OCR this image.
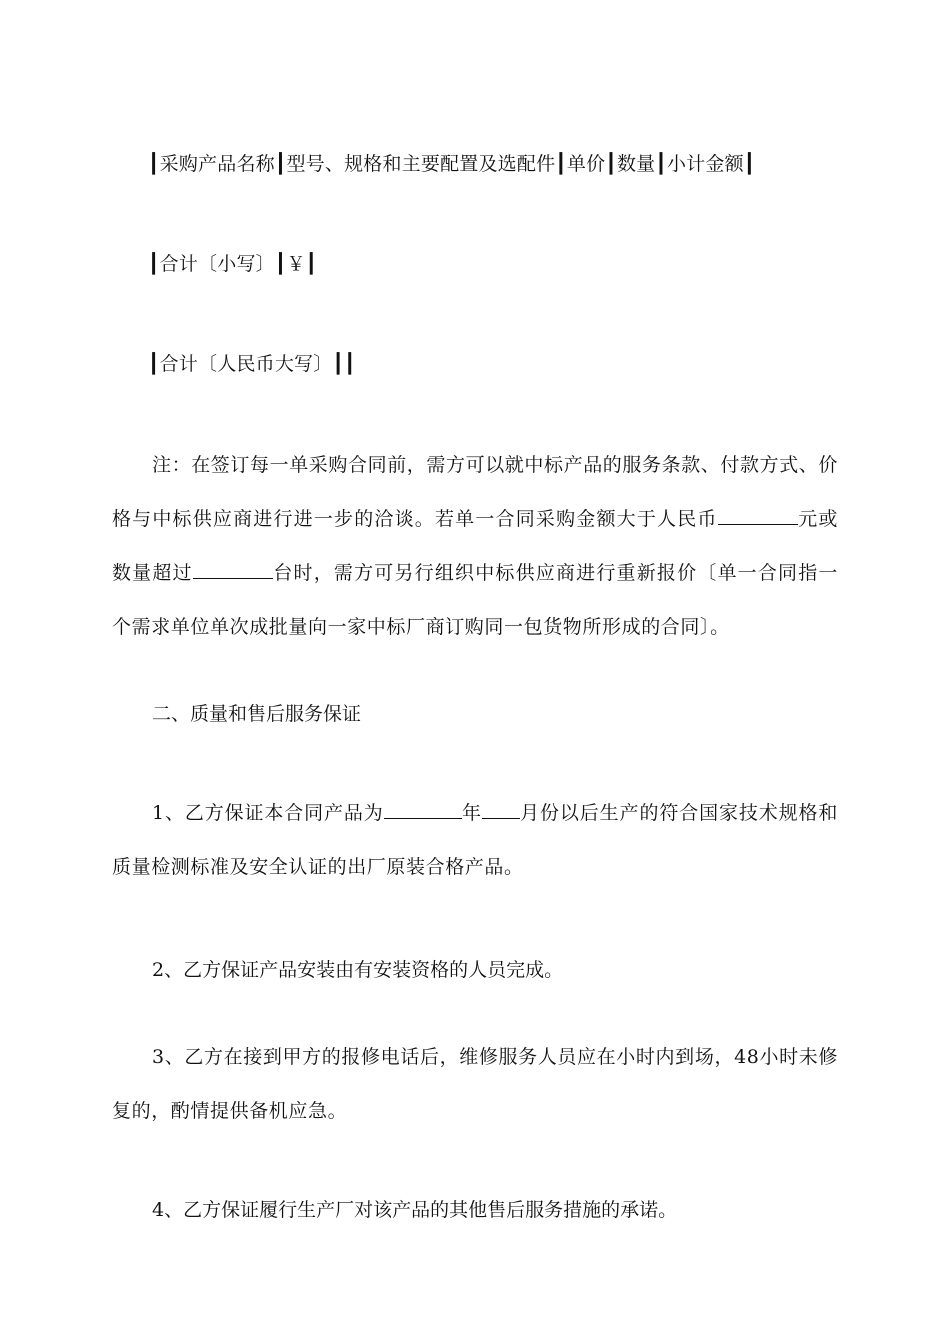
┃采购产品名称┃型号、规格和主要配置及选配件┃单价┃数量┃小计金额┃
┃合计〔小写〕┃￥┃
┃合计〔人民币大写〕┃┃
注：在签订每一单采购合同前，需方可以就中标产品的服务条款、付款方式、价格与中标供应商进行进一步的洽谈。若单一合同采购金额大于人民币	元或数量超过	台时，需方可另行组织中标供应商进行重新报价〔单一合同指一个需求单位单次成批量向一家中标厂商订购同一包货物所形成的合同〕。
二、质量和售后服务保证
1、乙方保证本合同产品为	年 月份以后生产的符合国家技术规格和质量检测标准及安全认证的出厂原装合格产品。
2、乙方保证产品安装由有安装资格的人员完成。
3、乙方在接到甲方的报修电话后，维修服务人员应在小时内到场，48小时未修复的，酌情提供备机应急。
4、乙方保证履行生产厂对该产品的其他售后服务措施的承诺。
